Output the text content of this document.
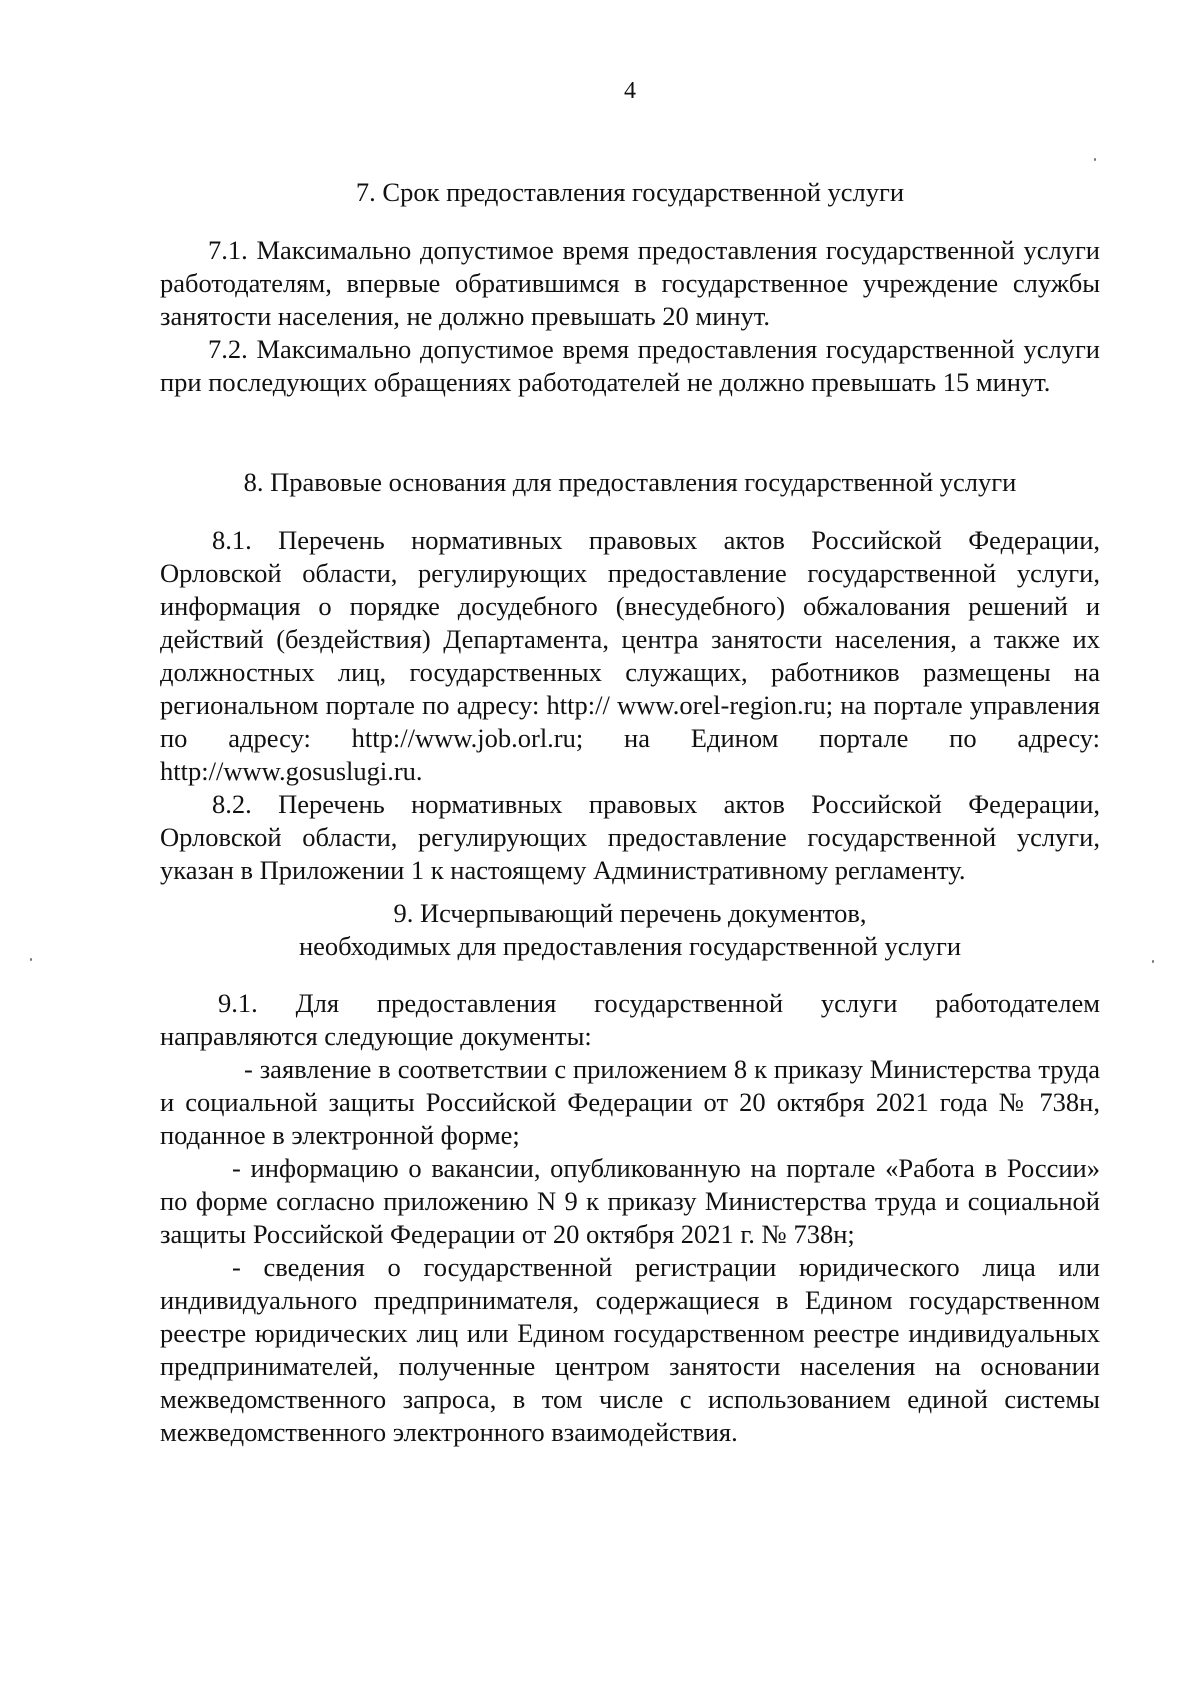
4
7. Срок предоставления государственной услуги

7.1. Максимально допустимое время предоставления государственной услуги работодателям, впервые обратившимся в государственное учреждение службы занятости населения, не должно превышать 20 минут.

7.2. Максимально допустимое время предоставления государственной услуги при последующих обращениях работодателей не должно превышать 15 минут.

8. Правовые основания для предоставления государственной услуги

8.1. Перечень нормативных правовых актов Российской Федерации, Орловской области, регулирующих предоставление государственной услуги, информация о порядке досудебного (внесудебного) обжалования решений и действий (бездействия) Департамента, центра занятости населения, а также их должностных лиц, государственных служащих, работников размещены на региональном портале по адресу: http:// www.orel-region.ru; на портале управления по адресу: http://www.job.orl.ru; на Едином портале по адресу: http://www.gosuslugi.ru.

8.2. Перечень нормативных правовых актов Российской Федерации, Орловской области, регулирующих предоставление государственной услуги, указан в Приложении 1 к настоящему Административному регламенту.

9. Исчерпывающий перечень документов,
необходимых для предоставления государственной услуги

9.1. Для предоставления государственной услуги работодателем направляются следующие документы:

- заявление в соответствии с приложением 8 к приказу Министерства труда и социальной защиты Российской Федерации от 20 октября 2021 года № 738н, поданное в электронной форме;

- информацию о вакансии, опубликованную на портале «Работа в России» по форме согласно приложению N 9 к приказу Министерства труда и социальной защиты Российской Федерации от 20 октября 2021 г. № 738н;

- сведения о государственной регистрации юридического лица или индивидуального предпринимателя, содержащиеся в Едином государственном реестре юридических лиц или Едином государственном реестре индивидуальных предпринимателей, полученные центром занятости населения на основании межведомственного запроса, в том числе с использованием единой системы межведомственного электронного взаимодействия.
